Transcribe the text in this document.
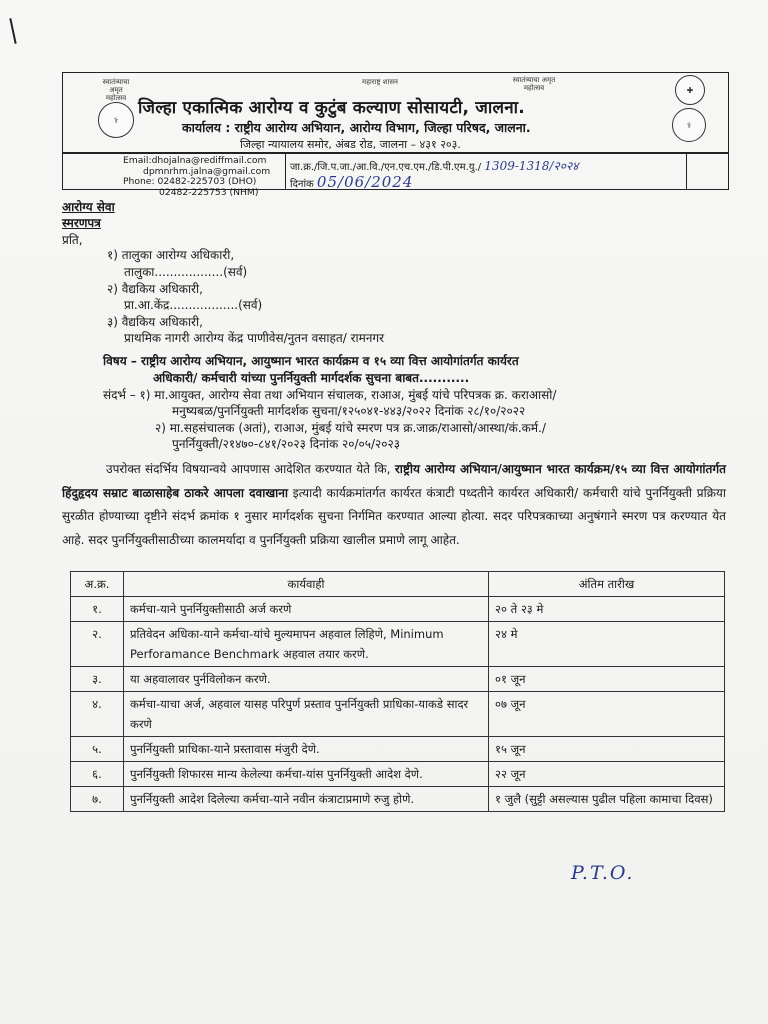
स्वातंत्र्याचा अमृत महोत्सव
⚕
महाराष्ट्र शासन	स्वातंत्र्याचा अमृत महोत्सव	✚
⚕
जिल्हा एकात्मिक आरोग्य व कुटुंब कल्याण सोसायटी, जालना.
कार्यालय : राष्ट्रीय आरोग्य अभियान, आरोग्य विभाग, जिल्हा परिषद, जालना.
जिल्हा न्यायालय समोर, अंबड रोड, जालना – ४३१ २०३.
Email:dhojalna@rediffmail.com
dpmnrhm.jalna@gmail.com
Phone: 02482-225703 (DHO)
02482-225753 (NHM)
जा.क्र./जि.प.जा./आ.वि./एन.एच.एम./डि.पी.एम.यु./ 1309-1318/२०२४
दिनांक 05/06/2024
आरोग्य सेवा
स्मरणपत्र
प्रति,
१) तालुका आरोग्य अधिकारी,
तालुका..................(सर्व)
२) वैद्यकिय अधिकारी,
प्रा.आ.केंद्र..................(सर्व)
३) वैद्यकिय अधिकारी,
प्राथमिक नागरी आरोग्य केंद्र पाणीवेस/नुतन वसाहत/ रामनगर
विषय – राष्ट्रीय आरोग्य अभियान, आयुष्मान भारत कार्यक्रम व १५ व्या वित्त आयोगांतर्गत कार्यरत
अधिकारी/ कर्मचारी यांच्या पुनर्नियुक्ती मार्गदर्शक सुचना बाबत...........
संदर्भ – १) मा.आयुक्त, आरोग्य सेवा तथा अभियान संचालक, राआअ, मुंबई यांचे परिपत्रक क्र. कराआसो/
मनुष्यबळ/पुनर्नियुक्ती मार्गदर्शक सुचना/१२५०४१-४४३/२०२२ दिनांक २८/१०/२०२२
२) मा.सहसंचालक (अतां), राआअ, मुंबई यांचे स्मरण पत्र क्र.जाक्र/राआसो/आस्था/कं.कर्म./
पुनर्नियुक्ती/२१४७०-८४१/२०२३ दिनांक २०/०५/२०२३
उपरोक्त संदर्भिय विषयान्वये आपणास आदेशित करण्यात येते कि, राष्ट्रीय आरोग्य अभियान/आयुष्मान भारत कार्यक्रम/१५ व्या वित्त आयोगांतर्गत हिंदुहृदय सम्राट बाळासाहेब ठाकरे आपला दवाखाना इत्यादी कार्यक्रमांतर्गत कार्यरत कंत्राटी पध्दतीने कार्यरत अधिकारी/ कर्मचारी यांचे पुनर्नियुक्ती प्रक्रिया सुरळीत होण्याच्या दृष्टीने संदर्भ क्रमांक १ नुसार मार्गदर्शक सुचना निर्गमित करण्यात आल्या होत्या. सदर परिपत्रकाच्या अनुषंगाने स्मरण पत्र करण्यात येत आहे. सदर पुनर्नियुक्तीसाठीच्या कालमर्यादा व पुनर्नियुक्ती प्रक्रिया खालील प्रमाणे लागू आहेत.
अ.क्र.	कार्यवाही	अंतिम तारीख
१.	कर्मचा-याने पुनर्नियुक्तीसाठी अर्ज करणे	२० ते २३ मे
२.	प्रतिवेदन अधिका-याने कर्मचा-यांचे मुल्यमापन अहवाल लिहिणे, Minimum Perforamance Benchmark अहवाल तयार करणे.	२४ मे
३.	या अहवालावर पुर्नविलोकन करणे.	०१ जून
४.	कर्मचा-याचा अर्ज, अहवाल यासह परिपुर्ण प्रस्ताव पुनर्नियुक्ती प्राधिका-याकडे सादर करणे	०७ जून
५.	पुनर्नियुक्ती प्राधिका-याने प्रस्तावास मंजुरी देणे.	१५ जून
६.	पुनर्नियुक्ती शिफारस मान्य केलेल्या कर्मचा-यांस पुनर्नियुक्ती आदेश देणे.	२२ जून
७.	पुनर्नियुक्ती आदेश दिलेल्या कर्मचा-याने नवीन कंत्राटाप्रमाणे रुजु होणे.	१ जुलै (सुट्टी असल्यास पुढील पहिला कामाचा दिवस)
P.T.O.
